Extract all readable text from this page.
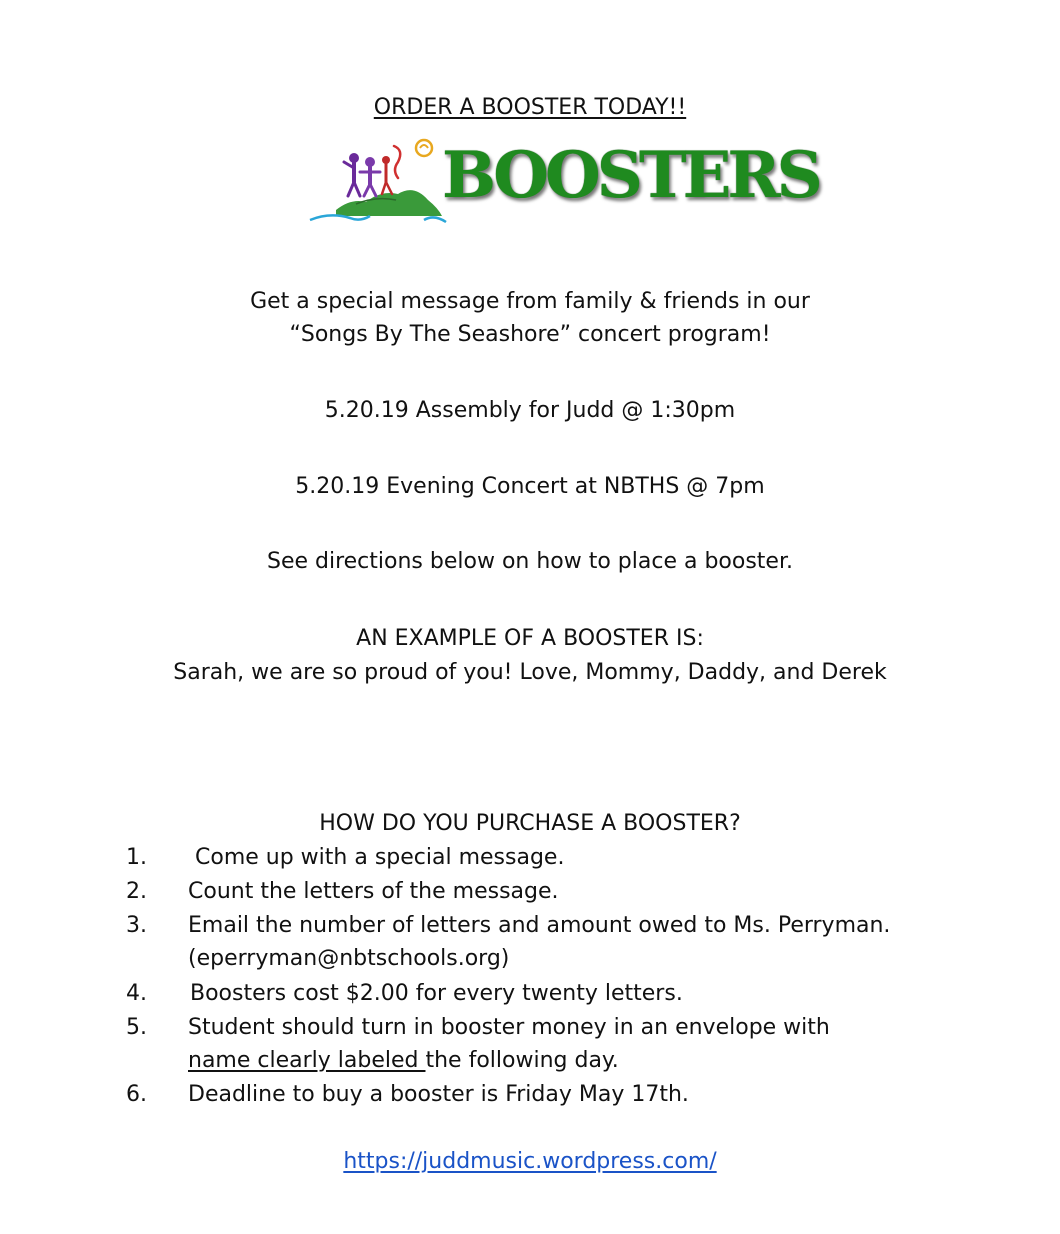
ORDER A BOOSTER TODAY!!
BOOSTERS
Get a special message from family & friends in our
“Songs By The Seashore” concert program!
5.20.19 Assembly for Judd @ 1:30pm
5.20.19 Evening Concert at NBTHS @ 7pm
See directions below on how to place a booster.
AN EXAMPLE OF A BOOSTER IS:
Sarah, we are so proud of you! Love, Mommy, Daddy, and Derek
HOW DO YOU PURCHASE A BOOSTER?
1. Come up with a special message.
2. Count the letters of the message.
3. Email the number of letters and amount owed to Ms. Perryman.
(eperryman@nbtschools.org)
4. Boosters cost $2.00 for every twenty letters.
5. Student should turn in booster money in an envelope with
name clearly labeled the following day.
6. Deadline to buy a booster is Friday May 17th.
https://juddmusic.wordpress.com/
